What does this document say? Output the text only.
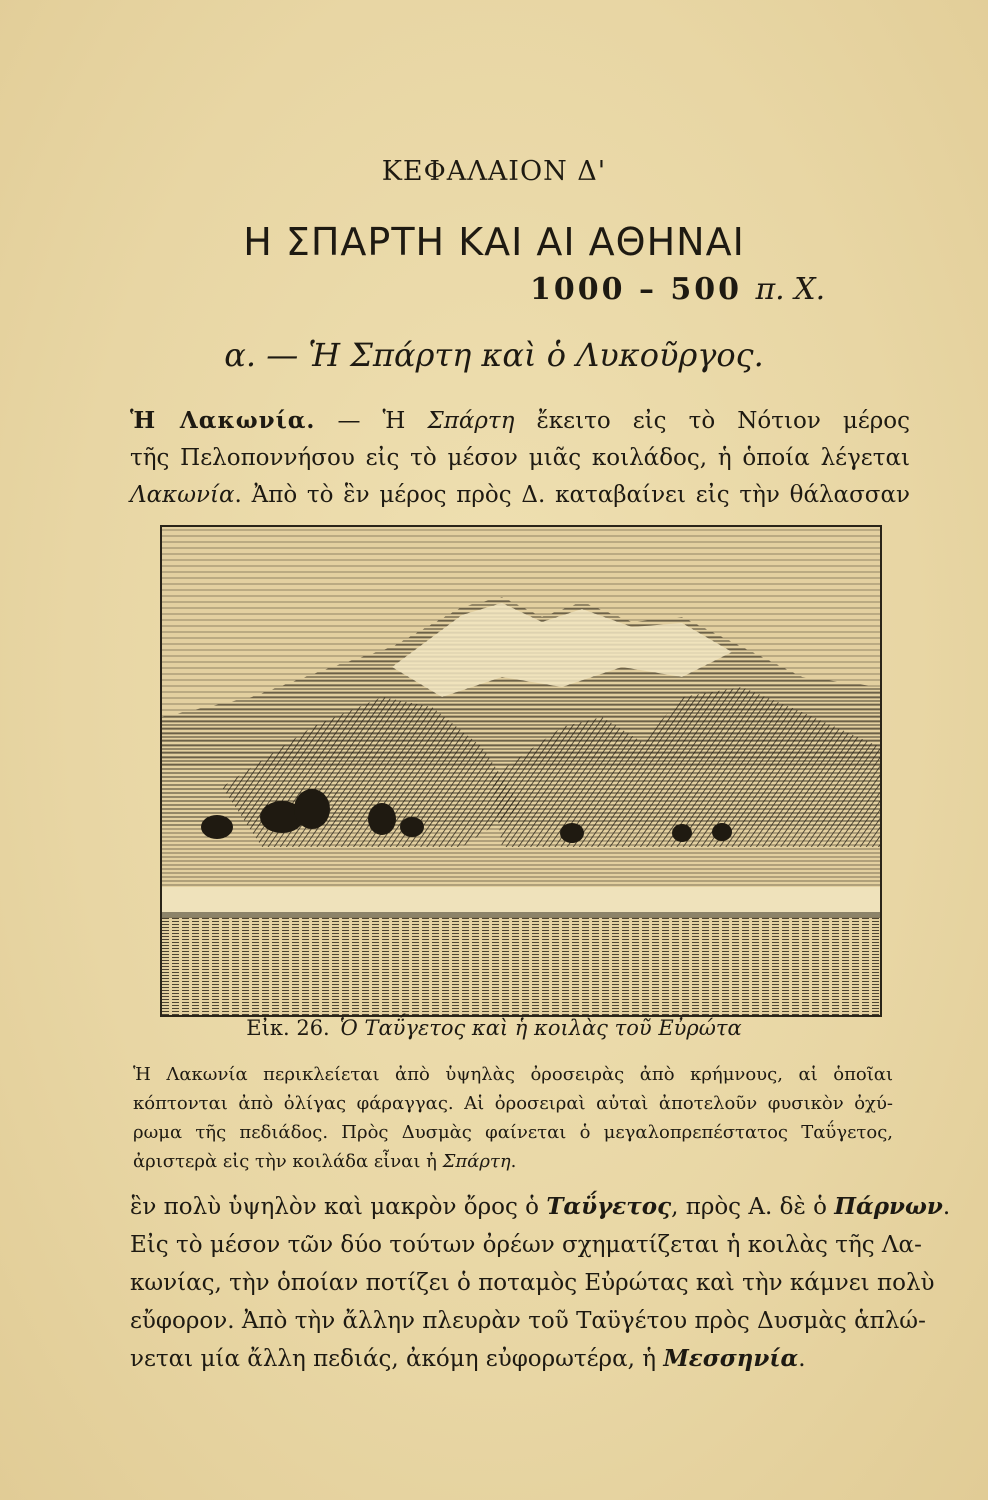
ΚΕΦΑΛΑΙΟΝ Δ'
Η ΣΠΑΡΤΗ ΚΑΙ ΑΙ ΑΘΗΝΑΙ
1000 – 500 π. Χ.
α. — Ἡ Σπάρτη καὶ ὁ Λυκοῦργος.
Ἡ Λακωνία. — Ἡ Σπάρτη ἔκειτο εἰς τὸ Νότιον μέρος
τῆς Πελοποννήσου εἰς τὸ μέσον μιᾶς κοιλάδος, ἡ ὁποία λέγεται
Λακωνία. Ἀπὸ τὸ ἓν μέρος πρὸς Δ. καταβαίνει εἰς τὴν θάλασσαν
Εἰκ. 26. Ὁ Ταΰγετος καὶ ἡ κοιλὰς τοῦ Εὐρώτα
Ἡ Λακωνία περικλείεται ἀπὸ ὑψηλὰς ὀροσειρὰς ἀπὸ κρήμνους, αἱ ὁποῖαι
κόπτονται ἀπὸ ὀλίγας φάραγγας. Αἱ ὀροσειραὶ αὐταὶ ἀποτελοῦν φυσικὸν ὀχύ-
ρωμα τῆς πεδιάδος. Πρὸς Δυσμὰς φαίνεται ὁ μεγαλοπρεπέστατος Ταΰγετος,
ἀριστερὰ εἰς τὴν κοιλάδα εἶναι ἡ Σπάρτη.
ἓν πολὺ ὑψηλὸν καὶ μακρὸν ὄρος ὁ Ταΰγετος, πρὸς Α. δὲ ὁ Πάρνων.
Εἰς τὸ μέσον τῶν δύο τούτων ὀρέων σχηματίζεται ἡ κοιλὰς τῆς Λα-
κωνίας, τὴν ὁποίαν ποτίζει ὁ ποταμὸς Εὐρώτας καὶ τὴν κάμνει πολὺ
εὔφορον. Ἀπὸ τὴν ἄλλην πλευρὰν τοῦ Ταϋγέτου πρὸς Δυσμὰς ἁπλώ-
νεται μία ἄλλη πεδιάς, ἀκόμη εὐφορωτέρα, ἡ Μεσσηνία.
